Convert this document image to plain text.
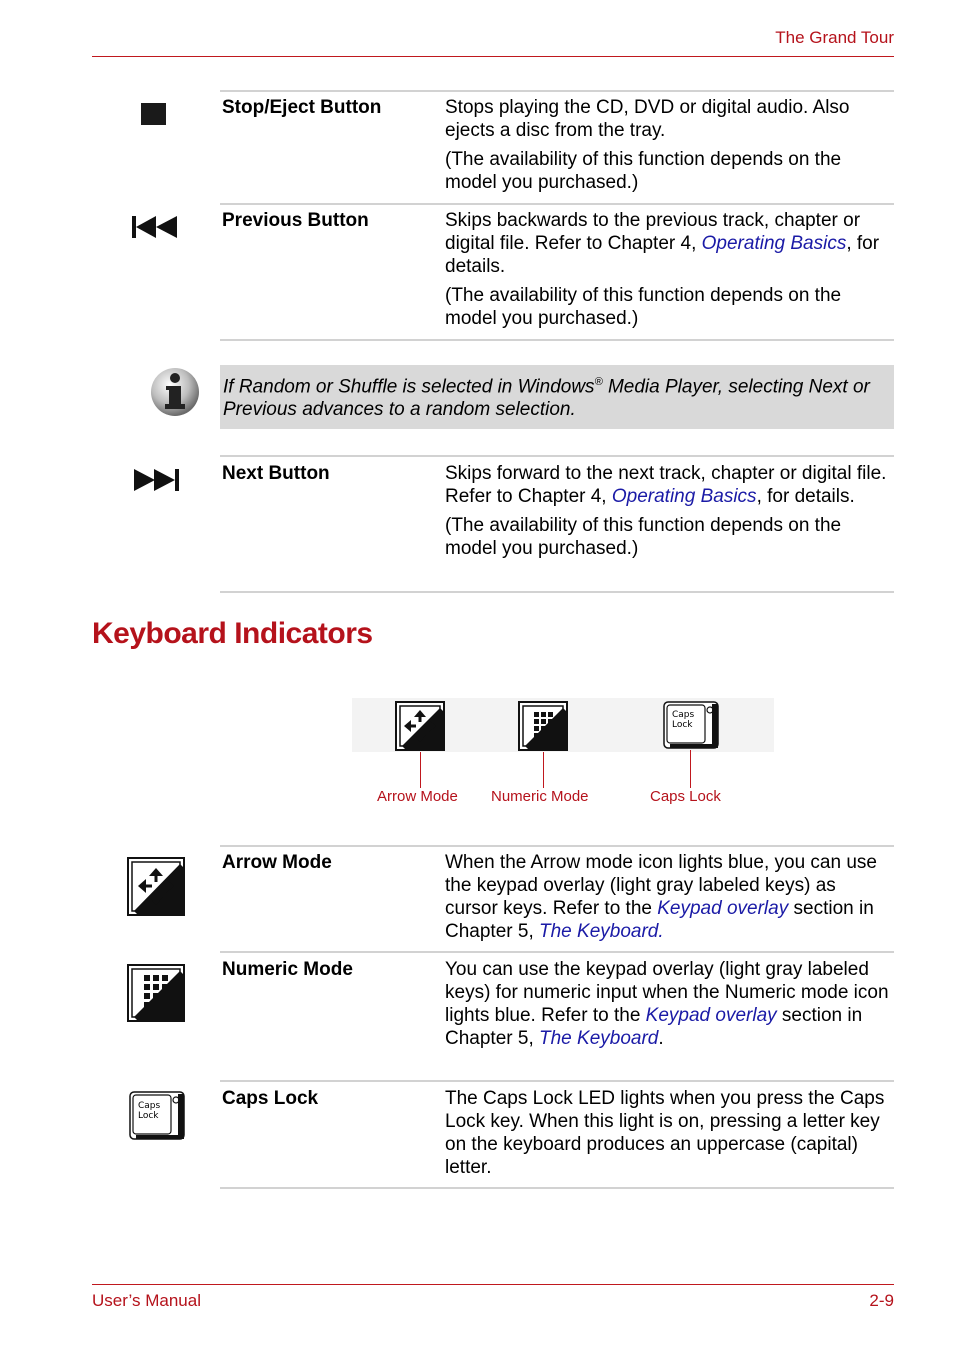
The Grand Tour
Stop/Eject Button	Stops playing the CD, DVD or digital audio. Also ejects a disc from the tray.

(The availability of this function depends on the model you purchased.)

Previous Button	Skips backwards to the previous track, chapter or digital file. Refer to Chapter 4, Operating Basics, for details.

(The availability of this function depends on the model you purchased.)

If Random or Shuffle is selected in Windows® Media Player, selecting Next or Previous advances to a random selection.
Next Button	Skips forward to the next track, chapter or digital file. Refer to Chapter 4, Operating Basics, for details.

(The availability of this function depends on the model you purchased.)

Keyboard Indicators
Caps
Lock
Arrow Mode Numeric Mode	Caps Lock
Arrow Mode	When the Arrow mode icon lights blue, you can use the keypad overlay (light gray labeled keys) as cursor keys. Refer to the Keypad overlay section in Chapter 5, The Keyboard.

Numeric Mode	You can use the keypad overlay (light gray labeled keys) for numeric input when the Numeric mode icon lights blue. Refer to the Keypad overlay section in Chapter 5, The Keyboard.

Caps
Lock
Caps Lock	The Caps Lock LED lights when you press the Caps Lock key. When this light is on, pressing a letter key on the keyboard produces an uppercase (capital) letter.

User’s Manual	2-9
